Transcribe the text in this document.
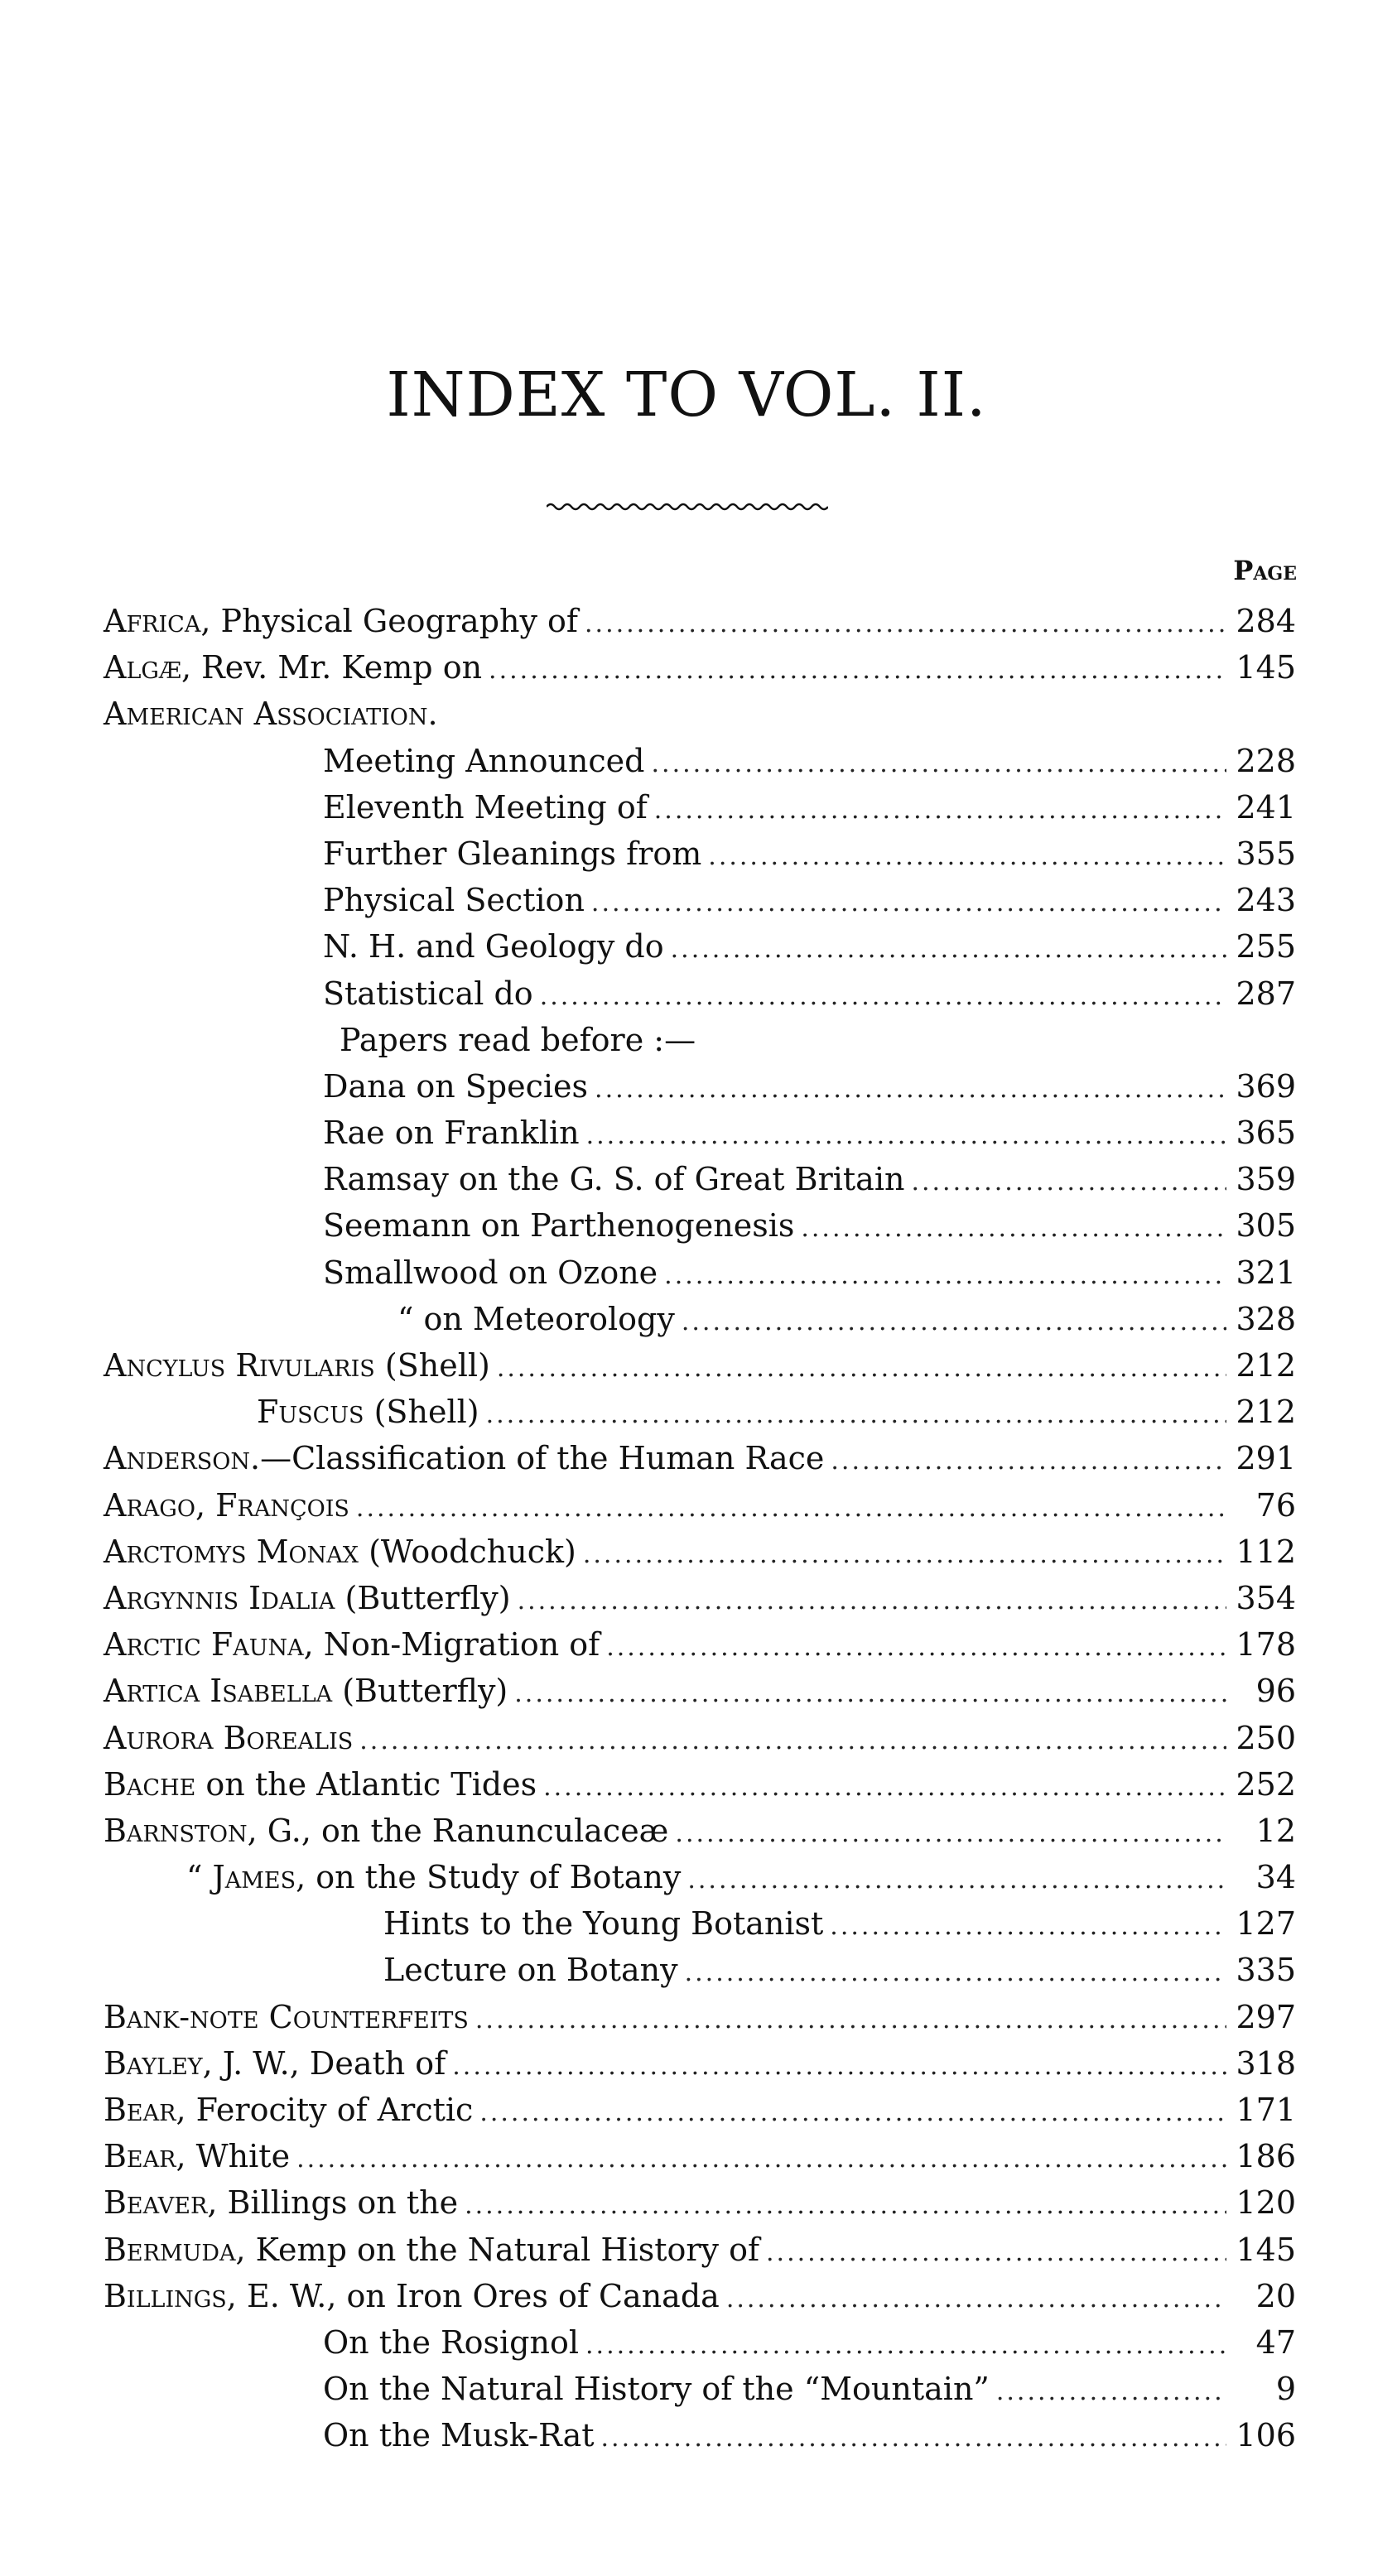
INDEX TO VOL. II.
Page
Africa, Physical Geography of .....	284
Algæ, Rev. Mr. Kemp on .....	145
American Association.
Meeting Announced .....	228
Eleventh Meeting of .....	241
Further Gleanings from .....	355
Physical Section .....	243
N. H. and Geology do .....	255
Statistical do .....	287
Papers read before :—
Dana on Species .....	369
Rae on Franklin .....	365
Ramsay on the G. S. of Great Britain .....	359
Seemann on Parthenogenesis .....	305
Smallwood on Ozone .....	321
“ on Meteorology .....	328
Ancylus Rivularis (Shell) .....	212
Fuscus (Shell) .....	212
Anderson.—Classification of the Human Race .....	291
Arago, François .....	76
Arctomys Monax (Woodchuck) .....	112
Argynnis Idalia (Butterfly) .....	354
Arctic Fauna, Non-Migration of .....	178
Artica Isabella (Butterfly) .....	96
Aurora Borealis .....	250
Bache on the Atlantic Tides .....	252
Barnston, G., on the Ranunculaceæ .....	12
“ James, on the Study of Botany .....	34
Hints to the Young Botanist .....	127
Lecture on Botany .....	335
Bank-note Counterfeits .....	297
Bayley, J. W., Death of .....	318
Bear, Ferocity of Arctic .....	171
Bear, White .....	186
Beaver, Billings on the .....	120
Bermuda, Kemp on the Natural History of .....	145
Billings, E. W., on Iron Ores of Canada .....	20
On the Rosignol .....	47
On the Natural History of the “Mountain” .....	9
On the Musk-Rat .....	106
